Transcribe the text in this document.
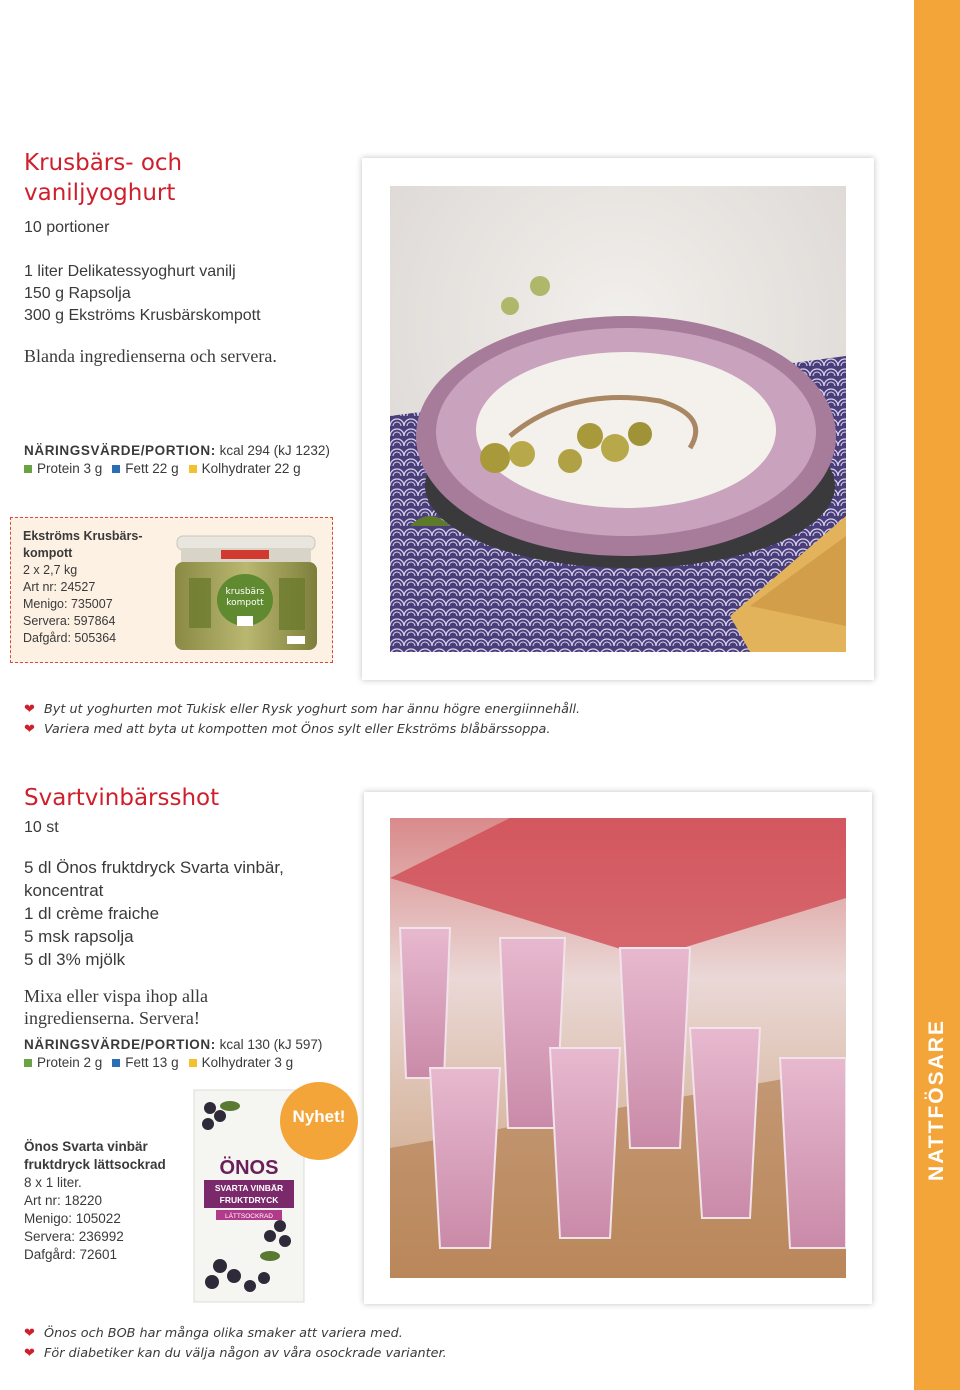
NATTFÖSARE
Krusbärs- och
vaniljyoghurt
10 portioner
1 liter Delikatessyoghurt vanilj
150 g Rapsolja
300 g Ekströms Krusbärskompott
Blanda ingredienserna och servera.
NÄRINGSVÄRDE/PORTION: kcal 294 (kJ 1232)
Protein 3 g Fett 22 g Kolhydrater 22 g
Ekströms Krusbärs-
kompott
2 x 2,7 kg
Art nr: 24527
Menigo: 735007
Servera: 597864
Dafgård: 505364
krusbärs
kompott
❤ Byt ut yoghurten mot Tukisk eller Rysk yoghurt som har ännu högre energiinnehåll.
❤ Variera med att byta ut kompotten mot Önos sylt eller Ekströms blåbärssoppa.
Svartvinbärsshot
10 st
5 dl Önos fruktdryck Svarta vinbär,
koncentrat
1 dl crème fraiche
5 msk rapsolja
5 dl 3% mjölk
Mixa eller vispa ihop alla
ingredienserna. Servera!
NÄRINGSVÄRDE/PORTION: kcal 130 (kJ 597)
Protein 2 g Fett 13 g Kolhydrater 3 g
ÖNOS
SVARTA VINBÄR
FRUKTDRYCK
LÄTTSOCKRAD
Nyhet!
Önos Svarta vinbär
fruktdryck lättsockrad
8 x 1 liter.
Art nr: 18220
Menigo: 105022
Servera: 236992
Dafgård: 72601
❤ Önos och BOB har många olika smaker att variera med.
❤ För diabetiker kan du välja någon av våra osockrade varianter.
